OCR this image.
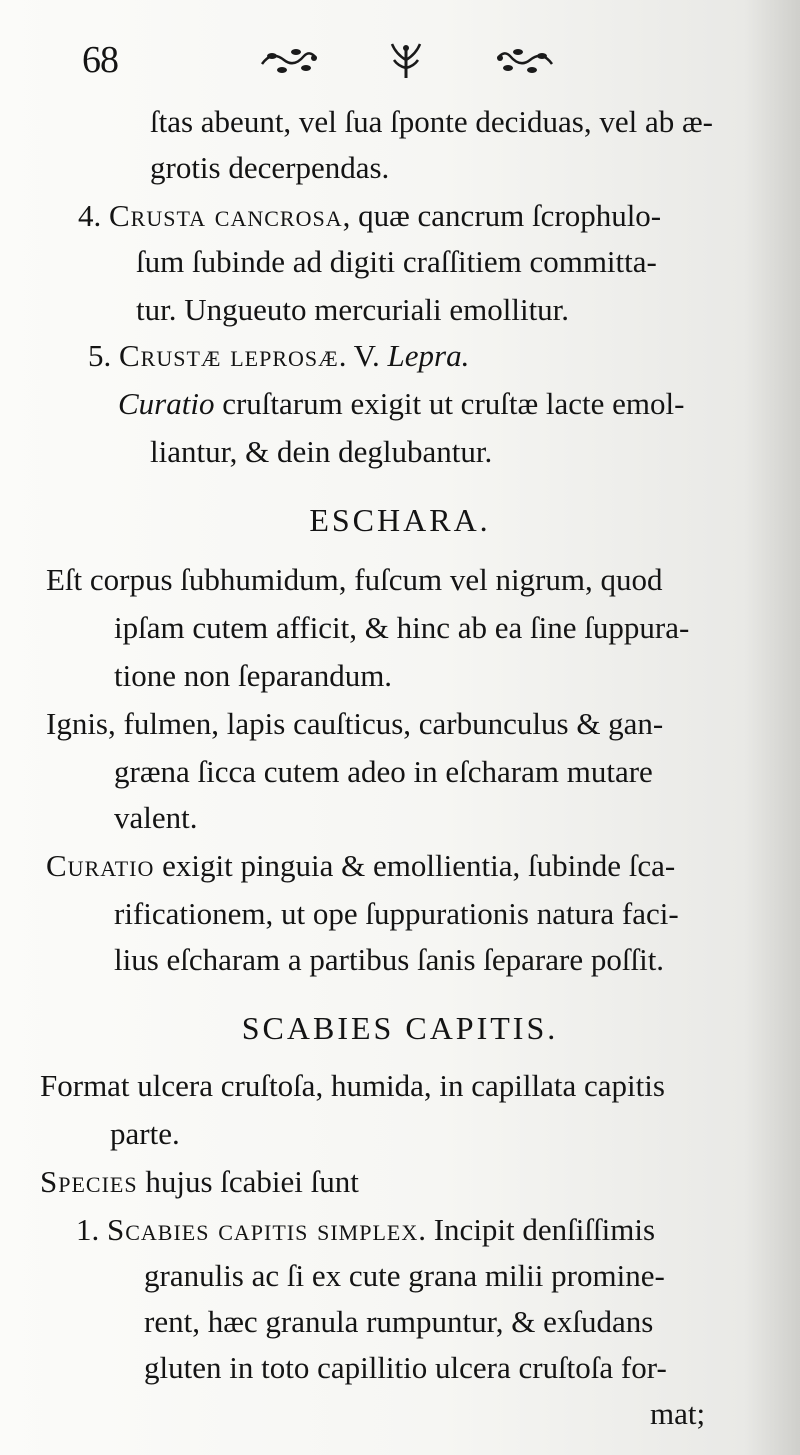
68
ſtas abeunt, vel ſua ſponte deciduas, vel ab æ-
grotis decerpendas.
4. Crusta cancrosa, quæ cancrum ſcrophulo-
ſum ſubinde ad digiti craſſitiem committa-
tur. Ungueuto mercuriali emollitur.
5. Crustæ leprosæ. V. Lepra.
Curatio cruſtarum exigit ut cruſtæ lacte emol-
liantur, & dein deglubantur.
ESCHARA.
Eſt corpus ſubhumidum, fuſcum vel nigrum, quod
ipſam cutem afficit, & hinc ab ea ſine ſuppura-
tione non ſeparandum.
Ignis, fulmen, lapis cauſticus, carbunculus & gan-
græna ſicca cutem adeo in eſcharam mutare
valent.
Curatio exigit pinguia & emollientia, ſubinde ſca-
rificationem, ut ope ſuppurationis natura faci-
lius eſcharam a partibus ſanis ſeparare poſſit.
SCABIES CAPITIS.
Format ulcera cruſtoſa, humida, in capillata capitis
parte.
Species hujus ſcabiei ſunt
1. Scabies capitis simplex. Incipit denſiſſimis
granulis ac ſi ex cute grana milii promine-
rent, hæc granula rumpuntur, & exſudans
gluten in toto capillitio ulcera cruſtoſa for-
mat;
